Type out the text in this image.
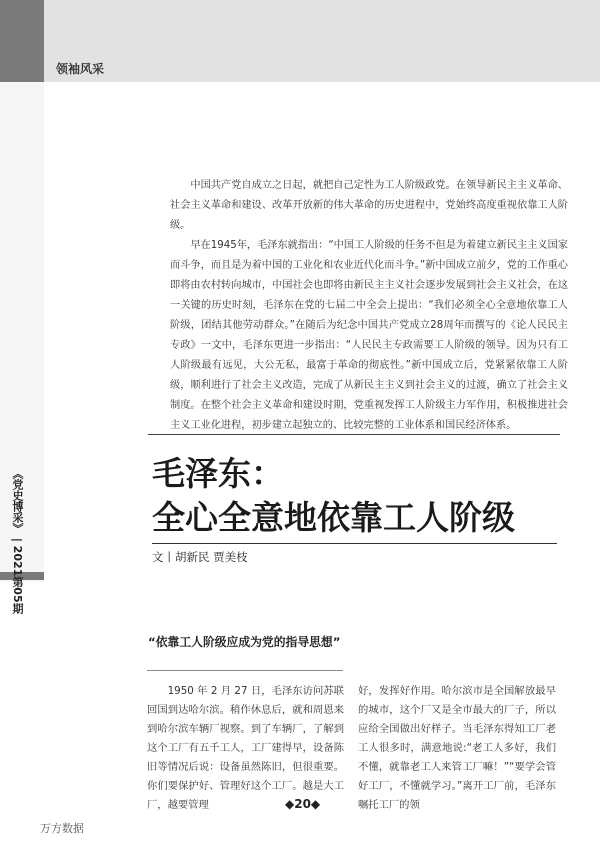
领袖风采
《党史博采》 | 2021第05期

中国共产党自成立之日起，就把自己定性为工人阶级政党。在领导新民主主义革命、社会主义革命和建设、改革开放新的伟大革命的历史进程中，党始终高度重视依靠工人阶级。

早在1945年，毛泽东就指出：“中国工人阶级的任务不但是为着建立新民主主义国家而斗争，而且是为着中国的工业化和农业近代化而斗争。”新中国成立前夕，党的工作重心即将由农村转向城市，中国社会也即将由新民主主义社会逐步发展到社会主义社会，在这一关键的历史时刻，毛泽东在党的七届二中全会上提出：“我们必须全心全意地依靠工人阶级，团结其他劳动群众。”在随后为纪念中国共产党成立28周年而撰写的《论人民民主专政》一文中，毛泽东更进一步指出：“人民民主专政需要工人阶级的领导。因为只有工人阶级最有远见，大公无私，最富于革命的彻底性。”新中国成立后，党紧紧依靠工人阶级，顺利进行了社会主义改造，完成了从新民主主义到社会主义的过渡，确立了社会主义制度。在整个社会主义革命和建设时期，党重视发挥工人阶级主力军作用，积极推进社会主义工业化进程，初步建立起独立的、比较完整的工业体系和国民经济体系。

毛泽东：
全心全意地依靠工人阶级
文丨胡新民 贾美枝
“依靠工人阶级应成为党的指导思想”

1950 年 2 月 27 日，毛泽东访问苏联回国到达哈尔滨。稍作休息后，就和周恩来到哈尔滨车辆厂视察。到了车辆厂，了解到这个工厂有五千工人，工厂建得早，设备陈旧等情况后说：设备虽然陈旧，但很重要。你们要保护好、管理好这个工厂。越是大工厂，越要管理

好，发挥好作用。哈尔滨市是全国解放最早的城市，这个厂又是全市最大的厂子，所以应给全国做出好样子。当毛泽东得知工厂老工人很多时，满意地说:“老工人多好，我们不懂，就靠老工人来管工厂嘛！”“要学会管好工厂，不懂就学习。”离开工厂前，毛泽东嘱托工厂的领

◆20◆
万方数据
